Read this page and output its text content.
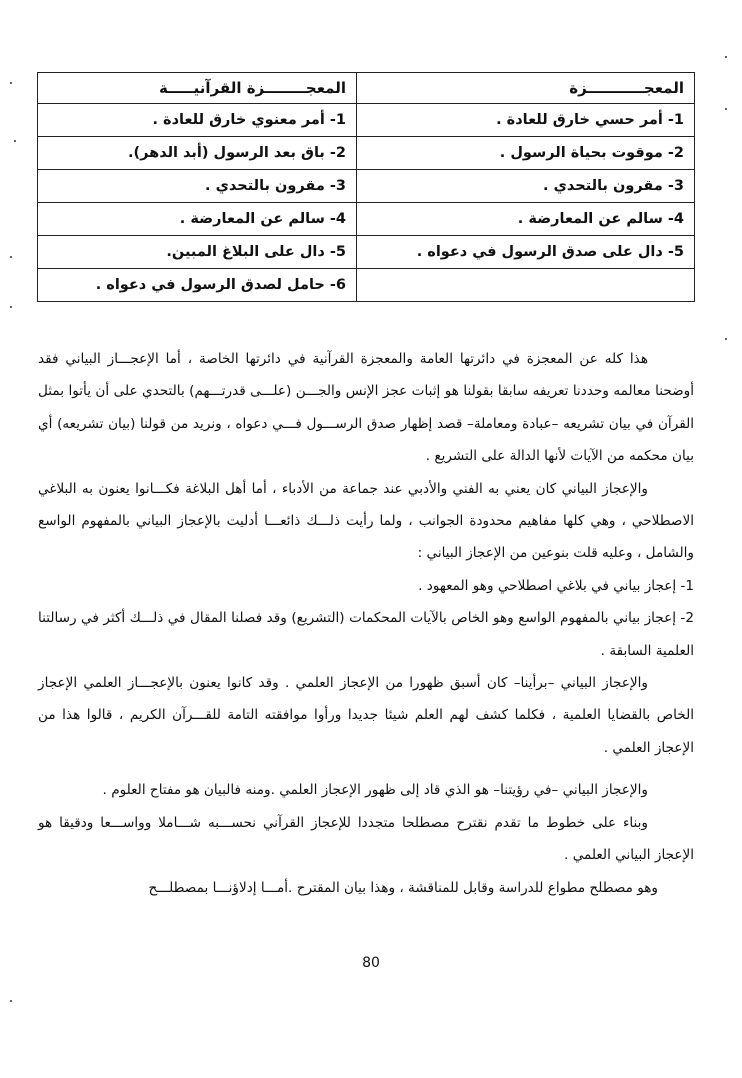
المعجـــــــــــزة	المعجــــــــزة القرآنيـــــة
1- أمر حسي خارق للعادة .	1- أمر معنوي خارق للعادة .
2- موقوت بحياة الرسول .	2- باق بعد الرسول (أبد الدهر).
3- مقرون بالتحدي .	3- مقرون بالتحدي .
4- سالم عن المعارضة .	4- سالم عن المعارضة .
5- دال على صدق الرسول في دعواه .	5- دال على البلاغ المبين.
	6- حامل لصدق الرسول في دعواه .

هذا كله عن المعجزة في دائرتها العامة والمعجزة القرآنية في دائرتها الخاصة ، أما الإعجـــاز البياني فقد أوضحنا معالمه وحددنا تعريفه سابقا بقولنا هو إثبات عجز الإنس والجـــن (علـــى قدرتـــهم) بالتحدي على أن يأتوا بمثل القرآن في بيان تشريعه –عبادة ومعاملة– قصد إظهار صدق الرســـول فـــي دعواه ، ونريد من قولنا (بيان تشريعه) أي بيان محكمه من الآيات لأنها الدالة على التشريع .

والإعجاز البياني كان يعني به الفني والأدبي عند جماعة من الأدباء ، أما أهل البلاغة فكـــانوا يعنون به البلاغي الاصطلاحي ، وهي كلها مفاهيم محدودة الجوانب ، ولما رأيت ذلـــك ذائعـــا أدليت بالإعجاز البياني بالمفهوم الواسع والشامل ، وعليه قلت بنوعين من الإعجاز البياني :

1- إعجاز بياني في بلاغي اصطلاحي وهو المعهود .

2- إعجاز بياني بالمفهوم الواسع وهو الخاص بالآيات المحكمات (التشريع) وقد فصلنا المقال في ذلـــك أكثر في رسالتنا العلمية السابقة .

والإعجاز البياني –برأينا– كان أسبق ظهورا من الإعجاز العلمي . وقد كانوا يعنون بالإعجـــاز العلمي الإعجاز الخاص بالقضايا العلمية ، فكلما كشف لهم العلم شيئا جديدا ورأوا موافقته التامة للقـــرآن الكريم ، قالوا هذا من الإعجاز العلمي .

والإعجاز البياني –في رؤيتنا– هو الذي قاد إلى ظهور الإعجاز العلمي .ومنه فالبيان هو مفتاح العلوم .

وبناء على خطوط ما تقدم نقترح مصطلحا متجددا للإعجاز القرآني نحســـبه شـــاملا وواســـعا ودقيقا هو الإعجاز البياني العلمي .

وهو مصطلح مطواع للدراسة وقابل للمناقشة ، وهذا بيان المقترح .أمـــا إدلاؤنـــا بمصطلـــح

80
